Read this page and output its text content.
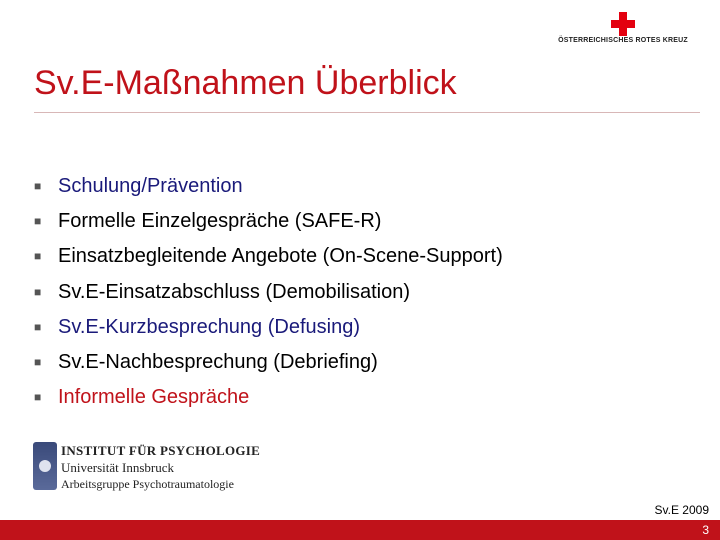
ÖSTERREICHISCHES ROTES KREUZ
Sv.E-Maßnahmen Überblick
■ Schulung/Prävention
■ Formelle Einzelgespräche (SAFE-R)
■ Einsatzbegleitende Angebote (On-Scene-Support)
■ Sv.E-Einsatzabschluss (Demobilisation)
■ Sv.E-Kurzbesprechung (Defusing)
■ Sv.E-Nachbesprechung (Debriefing)
■ Informelle Gespräche
INSTITUT FÜR PSYCHOLOGIE
Universität Innsbruck
Arbeitsgruppe Psychotraumatologie
Sv.E 2009
3
